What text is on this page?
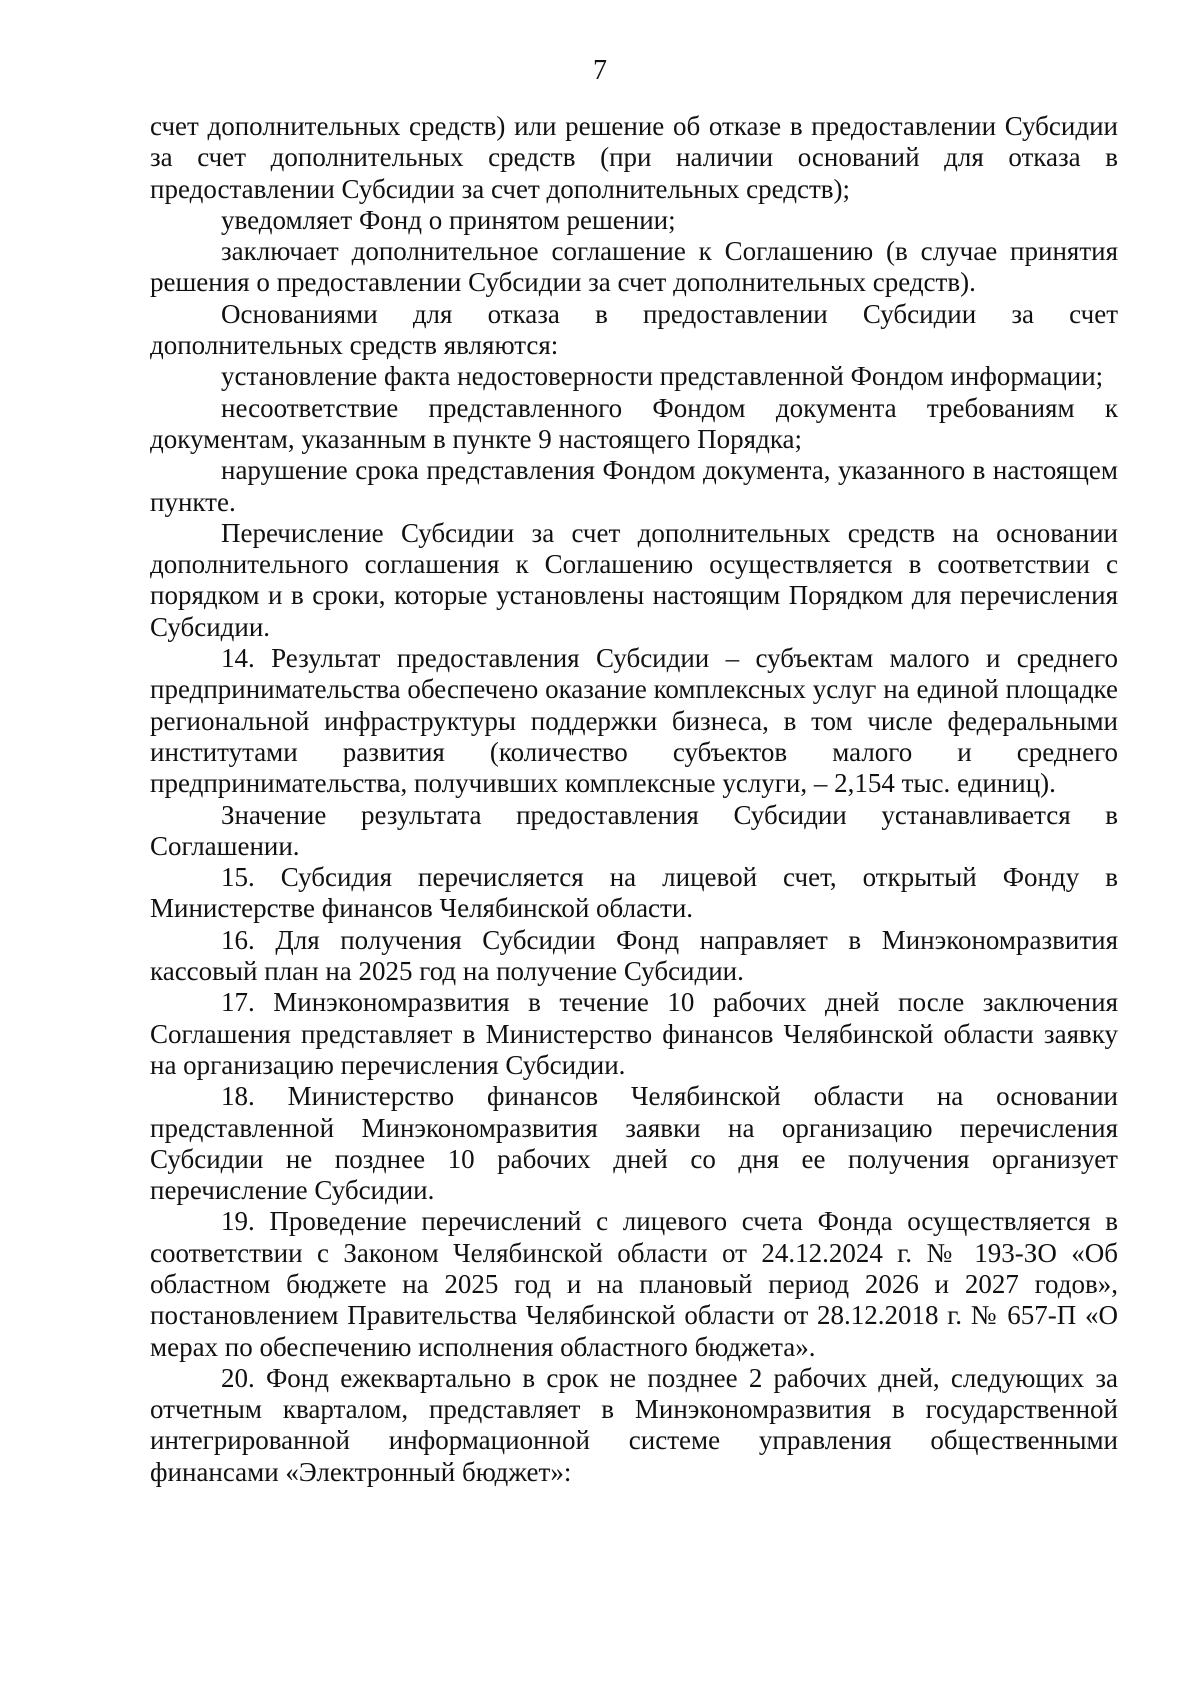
7

счет дополнительных средств) или решение об отказе в предоставлении Субсидии за счет дополнительных средств (при наличии оснований для отказа в предоставлении Субсидии за счет дополнительных средств);

уведомляет Фонд о принятом решении;

заключает дополнительное соглашение к Соглашению (в случае принятия решения о предоставлении Субсидии за счет дополнительных средств).

Основаниями для отказа в предоставлении Субсидии за счет дополнительных средств являются:

установление факта недостоверности представленной Фондом информации;

несоответствие представленного Фондом документа требованиям к документам, указанным в пункте 9 настоящего Порядка;

нарушение срока представления Фондом документа, указанного в настоящем пункте.

Перечисление Субсидии за счет дополнительных средств на основании дополнительного соглашения к Соглашению осуществляется в соответствии с порядком и в сроки, которые установлены настоящим Порядком для перечисления Субсидии.

14. Результат предоставления Субсидии – субъектам малого и среднего предпринимательства обеспечено оказание комплексных услуг на единой площадке региональной инфраструктуры поддержки бизнеса, в том числе федеральными институтами развития (количество субъектов малого и среднего предпринимательства, получивших комплексные услуги, – 2,154 тыс. единиц).

Значение результата предоставления Субсидии устанавливается в Соглашении.

15. Субсидия перечисляется на лицевой счет, открытый Фонду в Министерстве финансов Челябинской области.

16. Для получения Субсидии Фонд направляет в Минэкономразвития кассовый план на 2025 год на получение Субсидии.

17. Минэкономразвития в течение 10 рабочих дней после заключения Соглашения представляет в Министерство финансов Челябинской области заявку на организацию перечисления Субсидии.

18. Министерство финансов Челябинской области на основании представленной Минэкономразвития заявки на организацию перечисления Субсидии не позднее 10 рабочих дней со дня ее получения организует перечисление Субсидии.

19. Проведение перечислений с лицевого счета Фонда осуществляется в соответствии с Законом Челябинской области от 24.12.2024 г. № 193-ЗО «Об областном бюджете на 2025 год и на плановый период 2026 и 2027 годов», постановлением Правительства Челябинской области от 28.12.2018 г. № 657-П «О мерах по обеспечению исполнения областного бюджета».

20. Фонд ежеквартально в срок не позднее 2 рабочих дней, следующих за отчетным кварталом, представляет в Минэкономразвития в государственной интегрированной информационной системе управления общественными финансами «Электронный бюджет»:
